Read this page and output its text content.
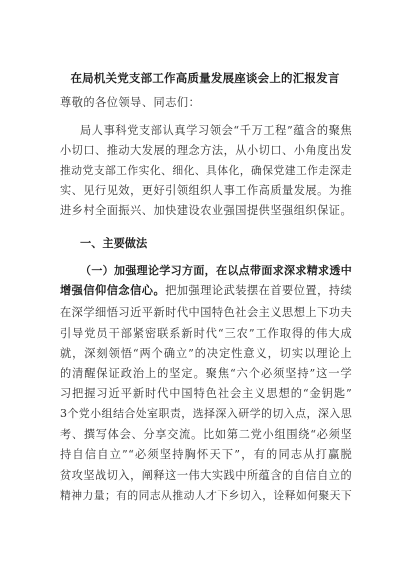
在局机关党支部工作高质量发展座谈会上的汇报发言
尊敬的各位领导、同志们：
局人事科党支部认真学习领会“千万工程”蕴含的聚焦
小切口、推动大发展的理念方法，从小切口、小角度出发
推动党支部工作实化、细化、具体化，确保党建工作走深走
实、见行见效，更好引领组织人事工作高质量发展。为推
进乡村全面振兴、加快建设农业强国提供坚强组织保证。
一、主要做法
（一）加强理论学习方面，在以点带面求深求精求透中
增强信仰信念信心。把加强理论武装摆在首要位置，持续
在深学细悟习近平新时代中国特色社会主义思想上下功夫
引导党员干部紧密联系新时代“三农”工作取得的伟大成
就，深刻领悟“两个确立”的决定性意义，切实以理论上
的清醒保证政治上的坚定。聚焦“六个必须坚持”这一学
习把握习近平新时代中国特色社会主义思想的“金钥匙”
3个党小组结合处室职责，选择深入研学的切入点，深入思
考、撰写体会、分享交流。比如第二党小组围绕“必须坚
持自信自立”“必须坚持胸怀天下”，有的同志从打赢脱
贫攻坚战切入，阐释这一伟大实践中所蕴含的自信自立的
精神力量；有的同志从推动人才下乡切入，诠释如何聚天下
